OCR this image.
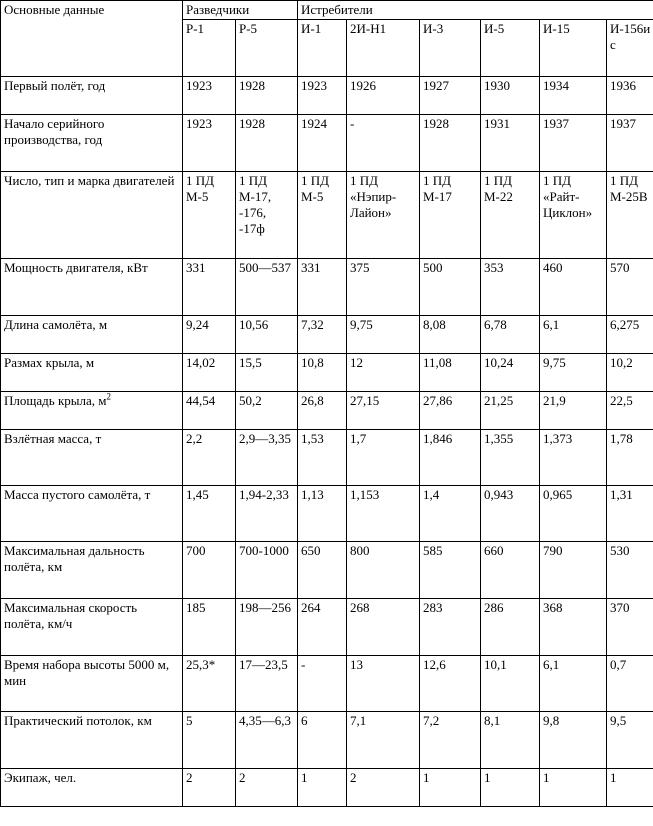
Основные данные	Разведчики		Истребители					
	Р-1	Р-5	И-1	2И-Н1	И-3	И-5	И-15	И-156ис
Первый полёт, год	1923	1928	1923	1926	1927	1930	1934	1936
Начало серийного производства, год	1923	1928	1924	-	1928	1931	1937	1937
Число, тип и марка двигателей	1 ПД М-5	1 ПД М-17, -176, -17ф	1 ПД М-5	1 ПД «Нэпир-Лайон»	1 ПД М-17	1 ПД М-22	1 ПД «Райт-Циклон»	1 ПД М-25В
Мощность двигателя, кВт	331	500—537	331	375	500	353	460	570
Длина самолёта, м	9,24	10,56	7,32	9,75	8,08	6,78	6,1	6,275
Размах крыла, м	14,02	15,5	10,8	12	11,08	10,24	9,75	10,2
Площадь крыла, $м^2$	44,54	50,2	26,8	27,15	27,86	21,25	21,9	22,5
Взлётная масса, т	2,2	2,9—3,35	1,53	1,7	1,846	1,355	1,373	1,78
Масса пустого самолёта, т	1,45	1,94-2,33	1,13	1,153	1,4	0,943	0,965	1,31
Максимальная дальность полёта, км	700	700-1000	650	800	585	660	790	530
Максимальная скорость полёта, км/ч	185	198—256	264	268	283	286	368	370
Время набора высоты 5000 м, мин	25,3*	17—23,5	-	13	12,6	10,1	6,1	0,7
Практический потолок, км	5	4,35—6,3	6	7,1	7,2	8,1	9,8	9,5
Экипаж, чел.	2	2	1	2	1	1	1	1
